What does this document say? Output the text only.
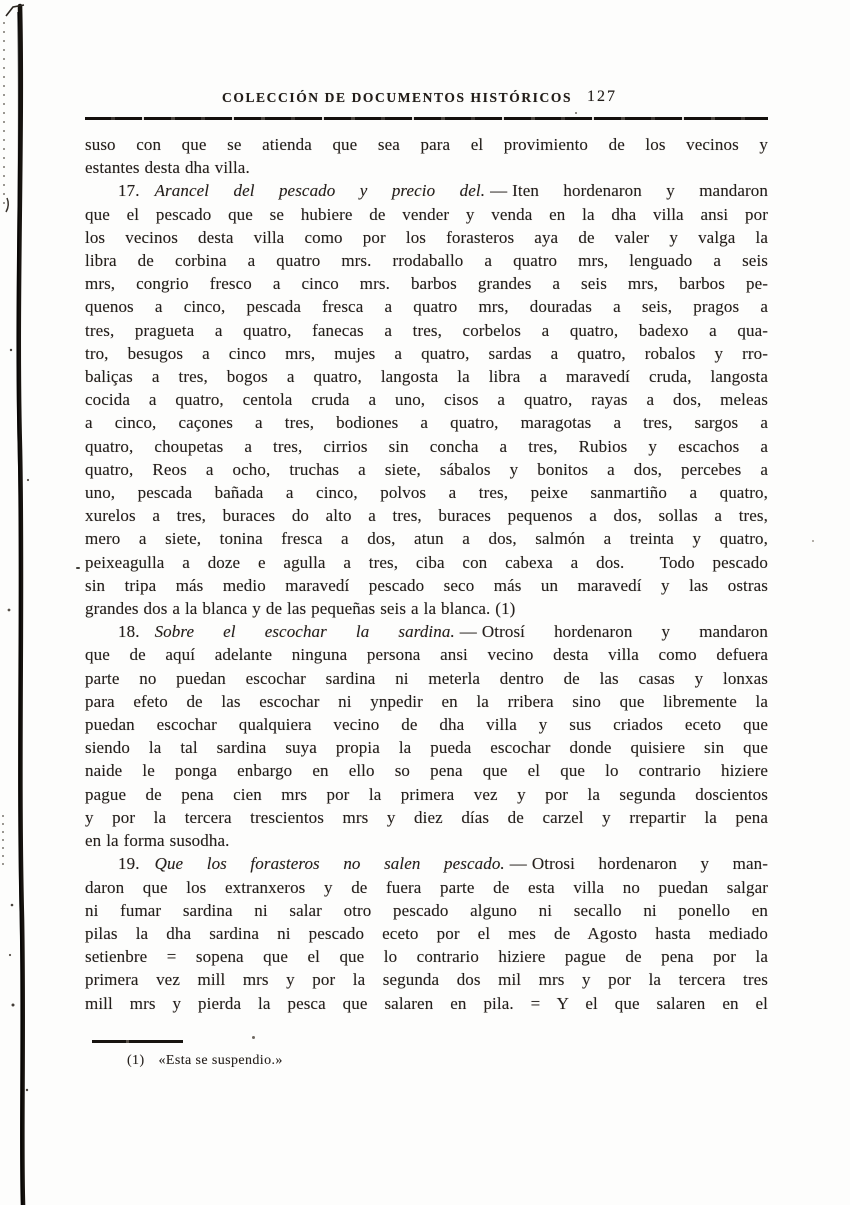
COLECCIÓN DE DOCUMENTOS HISTÓRICOS 127
suso con que se atienda que sea para el provimiento de los vecinos y
estantes desta dha villa.
17. Arancel del pescado y precio del. — Iten hordenaron y mandaron
que el pescado que se hubiere de vender y venda en la dha villa ansi por
los vecinos desta villa como por los forasteros aya de valer y valga la
libra de corbina a quatro mrs. rrodaballo a quatro mrs, lenguado a seis
mrs, congrio fresco a cinco mrs. barbos grandes a seis mrs, barbos pe-
quenos a cinco, pescada fresca a quatro mrs, douradas a seis, pragos a
tres, pragueta a quatro, fanecas a tres, corbelos a quatro, badexo a qua-
tro, besugos a cinco mrs, mujes a quatro, sardas a quatro, robalos y rro-
baliças a tres, bogos a quatro, langosta la libra a maravedí cruda, langosta
cocida a quatro, centola cruda a uno, cisos a quatro, rayas a dos, meleas
a cinco, caçones a tres, bodiones a quatro, maragotas a tres, sargos a
quatro, choupetas a tres, cirrios sin concha a tres, Rubios y escachos a
quatro, Reos a ocho, truchas a siete, sábalos y bonitos a dos, percebes a
uno, pescada bañada a cinco, polvos a tres, peixe sanmartiño a quatro,
xurelos a tres, buraces do alto a tres, buraces pequenos a dos, sollas a tres,
mero a siete, tonina fresca a dos, atun a dos, salmón a treinta y quatro,
peixeagulla a doze e agulla a tres, ciba con cabexa a dos.  Todo pescado
sin tripa más medio maravedí pescado seco más un maravedí y las ostras
grandes dos a la blanca y de las pequeñas seis a la blanca. (1)
18. Sobre el escochar la sardina. — Otrosí hordenaron y mandaron
que de aquí adelante ninguna persona ansi vecino desta villa como defuera
parte no puedan escochar sardina ni meterla dentro de las casas y lonxas
para efeto de las escochar ni ynpedir en la rribera sino que libremente la
puedan escochar qualquiera vecino de dha villa y sus criados eceto que
siendo la tal sardina suya propia la pueda escochar donde quisiere sin que
naide le ponga enbargo en ello so pena que el que lo contrario hiziere
pague de pena cien mrs por la primera vez y por la segunda doscientos
y por la tercera trescientos mrs y diez días de carzel y rrepartir la pena
en la forma susodha.
19. Que los forasteros no salen pescado. — Otrosi hordenaron y man-
daron que los extranxeros y de fuera parte de esta villa no puedan salgar
ni fumar sardina ni salar otro pescado alguno ni secallo ni ponello en
pilas la dha sardina ni pescado eceto por el mes de Agosto hasta mediado
setienbre = sopena que el que lo contrario hiziere pague de pena por la
primera vez mill mrs y por la segunda dos mil mrs y por la tercera tres
mill mrs y pierda la pesca que salaren en pila. = Y el que salaren en el
(1) «Esta se suspendio.»
